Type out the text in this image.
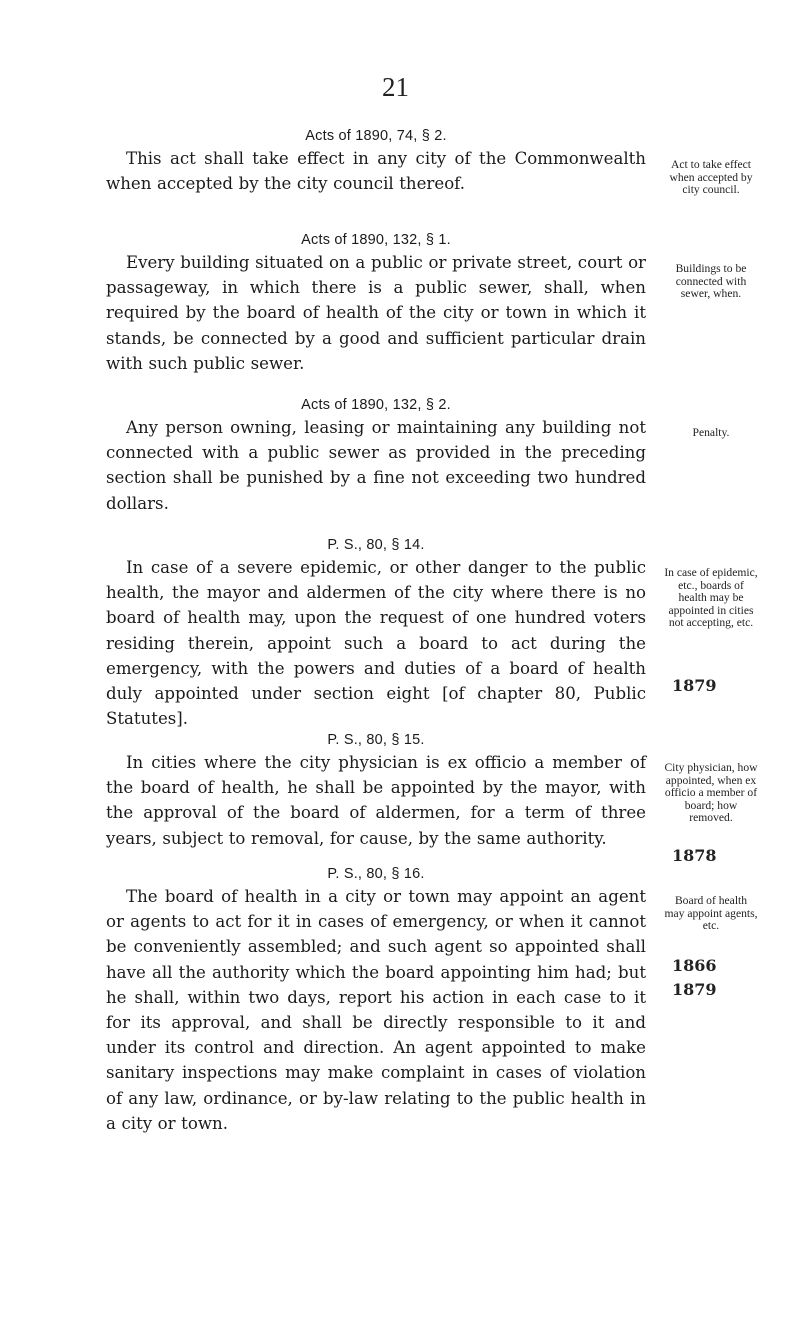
21
Acts of 1890, 74, § 2.

This act shall take effect in any city of the Commonwealth when accepted by the city council thereof.

Acts of 1890, 132, § 1.

Every building situated on a public or private street, court or passageway, in which there is a public sewer, shall, when required by the board of health of the city or town in which it stands, be connected by a good and sufficient particular drain with such public sewer.

Acts of 1890, 132, § 2.

Any person owning, leasing or maintaining any building not connected with a public sewer as provided in the preceding section shall be punished by a fine not exceeding two hundred dollars.

P. S., 80, § 14.

In case of a severe epidemic, or other danger to the public health, the mayor and aldermen of the city where there is no board of health may, upon the request of one hundred voters residing therein, appoint such a board to act during the emergency, with the powers and duties of a board of health duly appointed under section eight [of chapter 80, Public Statutes].

P. S., 80, § 15.

In cities where the city physician is ex officio a member of the board of health, he shall be appointed by the mayor, with the approval of the board of aldermen, for a term of three years, subject to removal, for cause, by the same authority.

P. S., 80, § 16.

The board of health in a city or town may appoint an agent or agents to act for it in cases of emergency, or when it cannot be conveniently assembled; and such agent so appointed shall have all the authority which the board appointing him had; but he shall, within two days, report his action in each case to it for its approval, and shall be directly responsible to it and under its control and direction. An agent appointed to make sanitary inspections may make complaint in cases of violation of any law, ordinance, or by-law relating to the public health in a city or town.

Act to take effect when accepted by city council.
Buildings to be connected with sewer, when.
Penalty.
In case of epidemic, etc., boards of health may be appointed in cities not accepting, etc.
1879
City physician, how appointed, when ex officio a member of board; how removed.
1878
Board of health may appoint agents, etc.
1866
1879
